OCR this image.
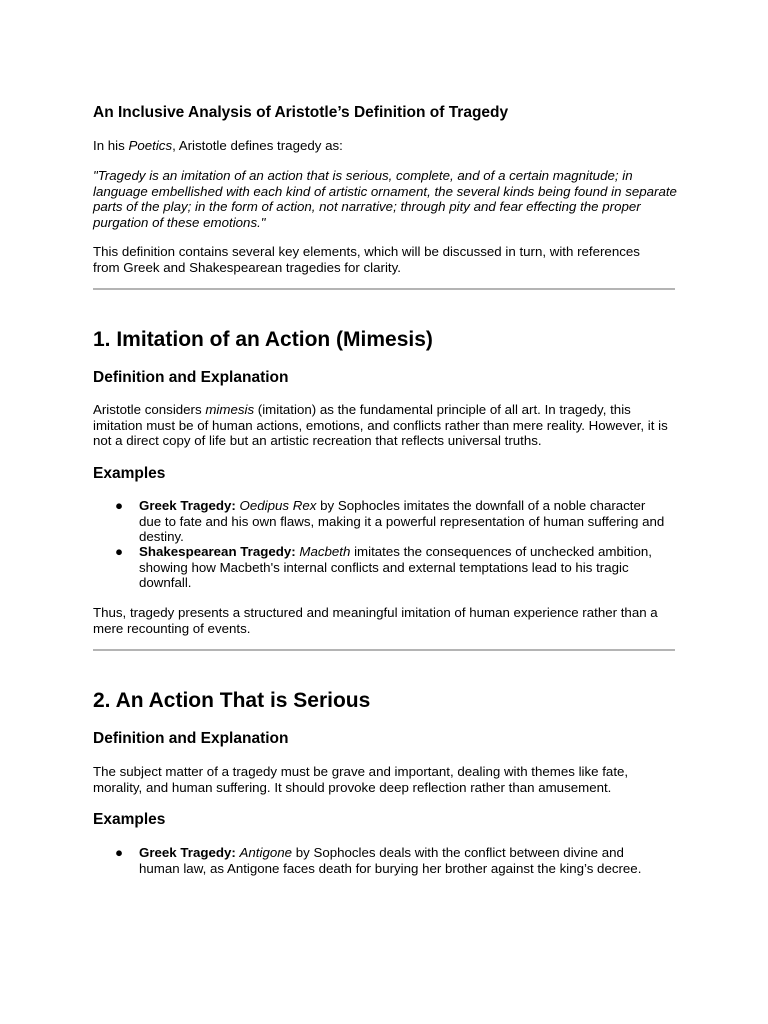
An Inclusive Analysis of Aristotle’s Definition of Tragedy

In his Poetics, Aristotle defines tragedy as:

"Tragedy is an imitation of an action that is serious, complete, and of a certain magnitude; in language embellished with each kind of artistic ornament, the several kinds being found in separate parts of the play; in the form of action, not narrative; through pity and fear effecting the proper purgation of these emotions."

This definition contains several key elements, which will be discussed in turn, with references from Greek and Shakespearean tragedies for clarity.

1. Imitation of an Action (Mimesis)
Definition and Explanation

Aristotle considers mimesis (imitation) as the fundamental principle of all art. In tragedy, this imitation must be of human actions, emotions, and conflicts rather than mere reality. However, it is not a direct copy of life but an artistic recreation that reflects universal truths.

Examples
● Greek Tragedy: Oedipus Rex by Sophocles imitates the downfall of a noble character due to fate and his own flaws, making it a powerful representation of human suffering and destiny.
● Shakespearean Tragedy: Macbeth imitates the consequences of unchecked ambition, showing how Macbeth's internal conflicts and external temptations lead to his tragic downfall.

Thus, tragedy presents a structured and meaningful imitation of human experience rather than a mere recounting of events.

2. An Action That is Serious
Definition and Explanation

The subject matter of a tragedy must be grave and important, dealing with themes like fate, morality, and human suffering. It should provoke deep reflection rather than amusement.

Examples
● Greek Tragedy: Antigone by Sophocles deals with the conflict between divine and human law, as Antigone faces death for burying her brother against the king’s decree.
